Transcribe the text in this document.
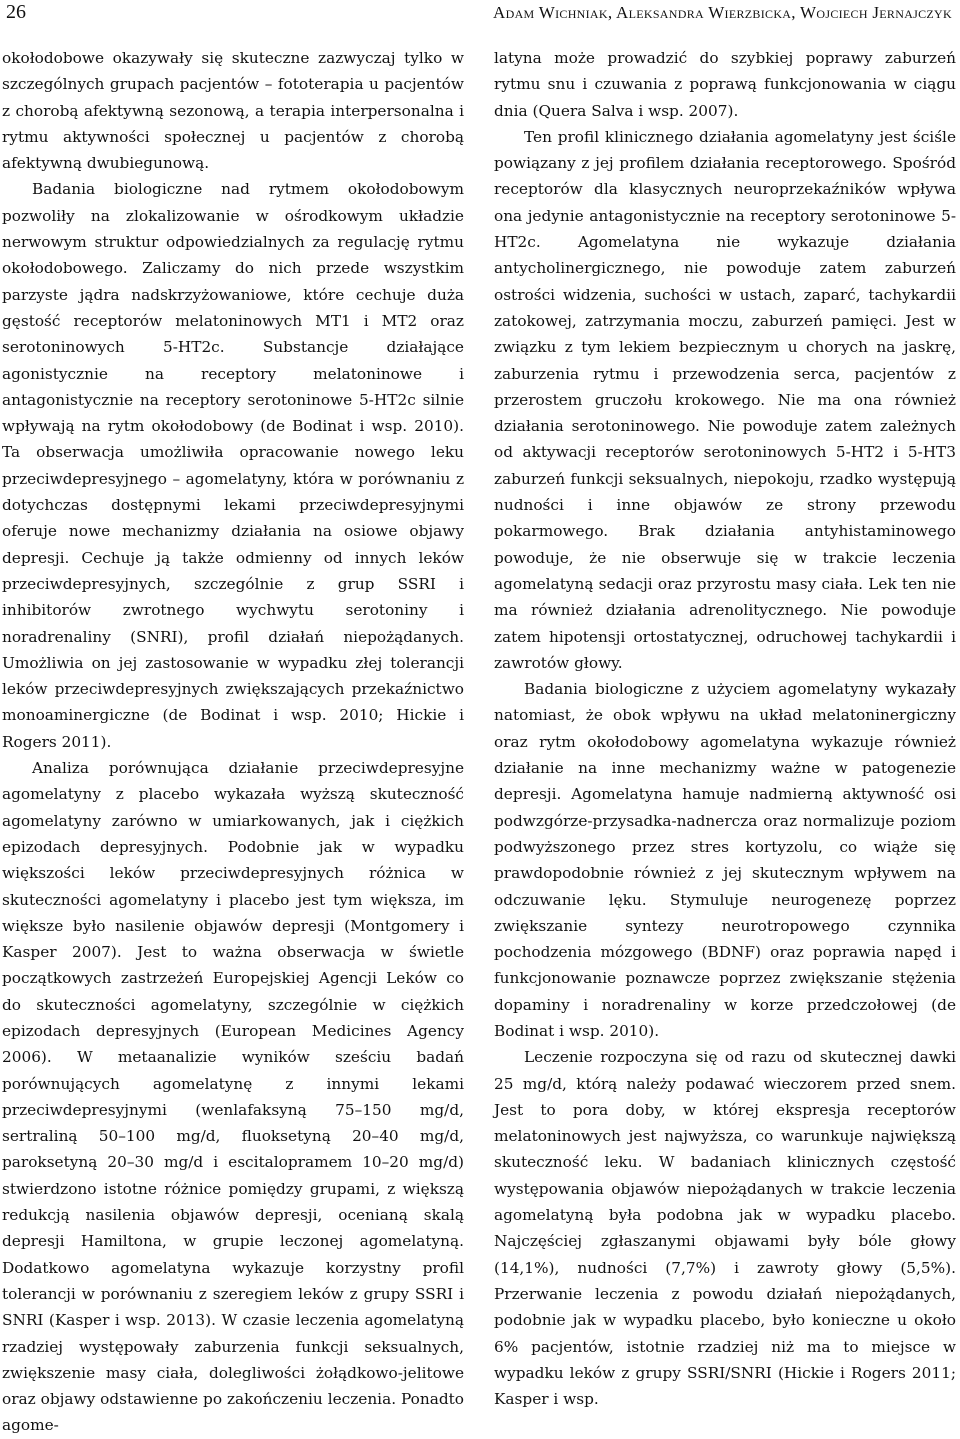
26	Adam Wichniak, Aleksandra Wierzbicka, Wojciech Jernajczyk

okołodobowe okazywały się skuteczne zazwyczaj tylko w szczególnych grupach pacjentów – fototerapia u pacjentów z chorobą afektywną sezonową, a terapia interpersonalna i rytmu aktywności społecznej u pacjentów z chorobą afektywną dwubiegunową.

Badania biologiczne nad rytmem okołodobowym pozwoliły na zlokalizowanie w ośrodkowym układzie nerwowym struktur odpowiedzialnych za regulację rytmu okołodobowego. Zaliczamy do nich przede wszystkim parzyste jądra nadskrzyżowaniowe, które cechuje duża gęstość receptorów melatoninowych MT1 i MT2 oraz serotoninowych 5-HT2c. Substancje działające agonistycznie na receptory melatoninowe i antagonistycznie na receptory serotoninowe 5-HT2c silnie wpływają na rytm okołodobowy (de Bodinat i wsp. 2010). Ta obserwacja umożliwiła opracowanie nowego leku przeciwdepresyjnego – agomelatyny, która w porównaniu z dotychczas dostępnymi lekami przeciwdepresyjnymi oferuje nowe mechanizmy działania na osiowe objawy depresji. Cechuje ją także odmienny od innych leków przeciwdepresyjnych, szczególnie z grup SSRI i inhibitorów zwrotnego wychwytu serotoniny i noradrenaliny (SNRI), profil działań niepożądanych. Umożliwia on jej zastosowanie w wypadku złej tolerancji leków przeciwdepresyjnych zwiększających przekaźnictwo monoaminergiczne (de Bodinat i wsp. 2010; Hickie i Rogers 2011).

Analiza porównująca działanie przeciwdepresyjne agomelatyny z placebo wykazała wyższą skuteczność agomelatyny zarówno w umiarkowanych, jak i ciężkich epizodach depresyjnych. Podobnie jak w wypadku większości leków przeciwdepresyjnych różnica w skuteczności agomelatyny i placebo jest tym większa, im większe było nasilenie objawów depresji (Montgomery i Kasper 2007). Jest to ważna obserwacja w świetle początkowych zastrzeżeń Europejskiej Agencji Leków co do skuteczności agomelatyny, szczególnie w ciężkich epizodach depresyjnych (European Medicines Agency 2006). W metaanalizie wyników sześciu badań porównujących agomelatynę z innymi lekami przeciwdepresyjnymi (wenlafaksyną 75–150 mg/d, sertraliną 50–100 mg/d, fluoksetyną 20–40 mg/d, paroksetyną 20–30 mg/d i escitalopramem 10–20 mg/d) stwierdzono istotne różnice pomiędzy grupami, z większą redukcją nasilenia objawów depresji, ocenianą skalą depresji Hamiltona, w grupie leczonej agomelatyną. Dodatkowo agomelatyna wykazuje korzystny profil tolerancji w porównaniu z szeregiem leków z grupy SSRI i SNRI (Kasper i wsp. 2013). W czasie leczenia agomelatyną rzadziej występowały zaburzenia funkcji seksualnych, zwiększenie masy ciała, dolegliwości żołądkowo-jelitowe oraz objawy odstawienne po zakończeniu leczenia. Ponadto agome-

latyna może prowadzić do szybkiej poprawy zaburzeń rytmu snu i czuwania z poprawą funkcjonowania w ciągu dnia (Quera Salva i wsp. 2007).

Ten profil klinicznego działania agomelatyny jest ściśle powiązany z jej profilem działania receptorowego. Spośród receptorów dla klasycznych neuroprzekaźników wpływa ona jedynie antagonistycznie na receptory serotoninowe 5-HT2c. Agomelatyna nie wykazuje działania antycholinergicznego, nie powoduje zatem zaburzeń ostrości widzenia, suchości w ustach, zaparć, tachykardii zatokowej, zatrzymania moczu, zaburzeń pamięci. Jest w związku z tym lekiem bezpiecznym u chorych na jaskrę, zaburzenia rytmu i przewodzenia serca, pacjentów z przerostem gruczołu krokowego. Nie ma ona również działania serotoninowego. Nie powoduje zatem zależnych od aktywacji receptorów serotoninowych 5-HT2 i 5-HT3 zaburzeń funkcji seksualnych, niepokoju, rzadko występują nudności i inne objawów ze strony przewodu pokarmowego. Brak działania antyhistaminowego powoduje, że nie obserwuje się w trakcie leczenia agomelatyną sedacji oraz przyrostu masy ciała. Lek ten nie ma również działania adrenolitycznego. Nie powoduje zatem hipotensji ortostatycznej, odruchowej tachykardii i zawrotów głowy.

Badania biologiczne z użyciem agomelatyny wykazały natomiast, że obok wpływu na układ melatoninergiczny oraz rytm okołodobowy agomelatyna wykazuje również działanie na inne mechanizmy ważne w patogenezie depresji. Agomelatyna hamuje nadmierną aktywność osi podwzgórze-przysadka-nadnercza oraz normalizuje poziom podwyższonego przez stres kortyzolu, co wiąże się prawdopodobnie również z jej skutecznym wpływem na odczuwanie lęku. Stymuluje neurogenezę poprzez zwiększanie syntezy neurotropowego czynnika pochodzenia mózgowego (BDNF) oraz poprawia napęd i funkcjonowanie poznawcze poprzez zwiększanie stężenia dopaminy i noradrenaliny w korze przedczołowej (de Bodinat i wsp. 2010).

Leczenie rozpoczyna się od razu od skutecznej dawki 25 mg/d, którą należy podawać wieczorem przed snem. Jest to pora doby, w której ekspresja receptorów melatoninowych jest najwyższa, co warunkuje największą skuteczność leku. W badaniach klinicznych częstość występowania objawów niepożądanych w trakcie leczenia agomelatyną była podobna jak w wypadku placebo. Najczęściej zgłaszanymi objawami były bóle głowy (14,1%), nudności (7,7%) i zawroty głowy (5,5%). Przerwanie leczenia z powodu działań niepożądanych, podobnie jak w wypadku placebo, było konieczne u około 6% pacjentów, istotnie rzadziej niż ma to miejsce w wypadku leków z grupy SSRI/SNRI (Hickie i Rogers 2011; Kasper i wsp.
